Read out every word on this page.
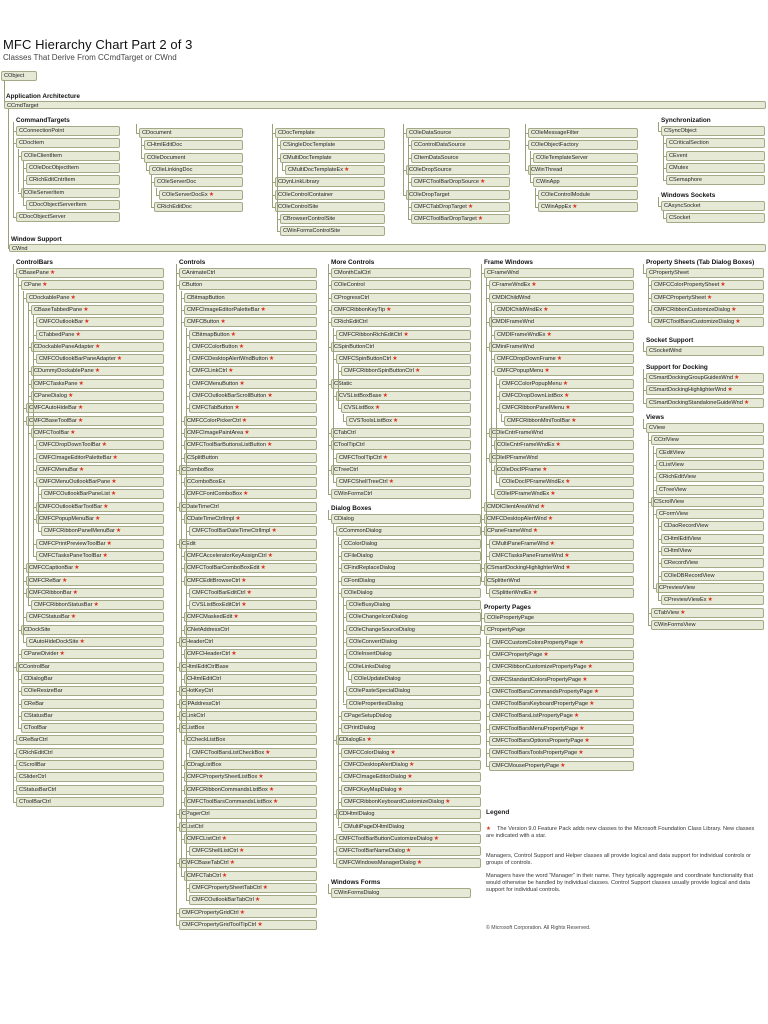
MFC Hierarchy Chart Part 2 of 3
Classes That Derive From CCmdTarget or CWnd
CObject
Application Architecture
CCmdTarget
Window Support
CWnd
CommandTargets
CConnectionPoint
CDocItem
COleClientItem
COleDocObjectItem
CRichEditCntrItem
COleServerItem
CDocObjectServerItem
CDocObjectServer
CDocument
CHtmlEditDoc
COleDocument
COleLinkingDoc
COleServerDoc
COleServerDocEx★
CRichEditDoc
CDocTemplate
CSingleDocTemplate
CMultiDocTemplate
CMultiDocTemplateEx★
CDynLinkLibrary
COleControlContainer
COleControlSite
CBrowserControlSite
CWinFormsControlSite
COleDataSource
CControlDataSource
CItemDataSource
COleDropSource
CMFCToolBarDropSource★
COleDropTarget
CMFCTabDropTarget★
CMFCToolBarDropTarget★
COleMessageFilter
COleObjectFactory
COleTemplateServer
CWinThread
CWinApp
COleControlModule
CWinAppEx★
Synchronization
CSyncObject
CCriticalSection
CEvent
CMutex
CSemaphore
Windows Sockets
CAsyncSocket
CSocket
ControlBars
CBasePane★
CPane★
CDockablePane★
CBaseTabbedPane★
CMFCOutlookBar★
CTabbedPane★
CDockablePaneAdapter★
CMFCOutlookBarPaneAdapter★
CDummyDockablePane★
CMFCTasksPane★
CPaneDialog★
CMFCAutoHideBar★
CMFCBaseToolBar★
CMFCToolBar★
CMFCDropDownToolBar★
CMFCImageEditorPaletteBar★
CMFCMenuBar★
CMFCMenuOutlookBarPane★
CMFCOutlookBarPaneList★
CMFCOutlookBarToolBar★
CMFCPopupMenuBar★
CMFCRibbonPanelMenuBar★
CMFCPrintPreviewToolBar★
CMFCTasksPaneToolBar★
CMFCCaptionBar★
CMFCReBar★
CMFCRibbonBar★
CMFCRibbonStatusBar★
CMFCStatusBar★
CDockSite
CAutoHideDockSite★
CPaneDivider★
CControlBar
CDialogBar
COleResizeBar
CReBar
CStatusBar
CToolBar
CReBarCtrl
CRichEditCtrl
CScrollBar
CSliderCtrl
CStatusBarCtrl
CToolBarCtrl
Controls
CAnimateCtrl
CButton
CBitmapButton
CMFCImageEditorPaletteBar★
CMFCButton★
CBitmapButton★
CMFCColorButton★
CMFCDesktopAlertWndButton★
CMFCLinkCtrl★
CMFCMenuButton★
CMFCOutlookBarScrollButton★
CMFCTabButton★
CMFCColorPickerCtrl★
CMFCImagePaintArea★
CMFCToolBarButtonsListButton★
CSplitButton
CComboBox
CComboBoxEx
CMFCFontComboBox★
CDateTimeCtrl
CDateTimeCtrlImpl★
CMFCToolBarDateTimeCtrlImpl★
CEdit
CMFCAcceleratorKeyAssignCtrl★
CMFCToolBarComboBoxEdit★
CMFCEditBrowseCtrl★
CMFCToolBarEditCtrl★
CVSListBoxEditCtrl★
CMFCMaskedEdit★
CNetAddressCtrl
CHeaderCtrl
CMFCHeaderCtrl★
CHtmlEditCtrlBase
CHtmlEditCtrl
CHotKeyCtrl
CIPAddressCtrl
CLinkCtrl
CListBox
CCheckListBox
CMFCToolBarsListCheckBox★
CDragListBox
CMFCPropertySheetListBox★
CMFCRibbonCommandsListBox★
CMFCToolBarsCommandsListBox★
CPagerCtrl
CListCtrl
CMFCListCtrl★
CMFCShellListCtrl★
CMFCBaseTabCtrl★
CMFCTabCtrl★
CMFCPropertySheetTabCtrl★
CMFCOutlookBarTabCtrl★
CMFCPropertyGridCtrl★
CMFCPropertyGridToolTipCtrl★
More Controls
CMonthCalCtrl
COleControl
CProgressCtrl
CMFCRibbonKeyTip★
CRichEditCtrl
CMFCRibbonRichEditCtrl★
CSpinButtonCtrl
CMFCSpinButtonCtrl★
CMFCRibbonSpinButtonCtrl★
CStatic
CVSListBoxBase★
CVSListBox★
CVSToolsListBox★
CTabCtrl
CToolTipCtrl
CMFCToolTipCtrl★
CTreeCtrl
CMFCShellTreeCtrl★
CWinFormsCtrl
Dialog Boxes
CDialog
CCommonDialog
CColorDialog
CFileDialog
CFindReplaceDialog
CFontDialog
COleDialog
COleBusyDialog
COleChangeIconDialog
COleChangeSourceDialog
COleConvertDialog
COleInsertDialog
COleLinksDialog
COleUpdateDialog
COlePasteSpecialDialog
COlePropertiesDialog
CPageSetupDialog
CPrintDialog
CDialogEx★
CMFCColorDialog★
CMFCDesktopAlertDialog★
CMFCImageEditorDialog★
CMFCKeyMapDialog★
CMFCRibbonKeyboardCustomizeDialog★
CDHtmlDialog
CMultiPageDHtmlDialog
CMFCToolBarButtonCustomizeDialog★
CMFCToolBarNameDialog★
CMFCWindowsManagerDialog★
Windows Forms
CWinFormsDialog
Frame Windows
CFrameWnd
CFrameWndEx★
CMDIChildWnd
CMDIChildWndEx★
CMDIFrameWnd
CMDIFrameWndEx★
CMiniFrameWnd
CMFCDropDownFrame★
CMFCPopupMenu★
CMFCColorPopupMenu★
CMFCDropDownListBox★
CMFCRibbonPanelMenu★
CMFCRibbonMiniToolBar★
COleCntrFrameWnd
COleCntrFrameWndEx★
COleIPFrameWnd
COleDocIPFrame★
COleDocIPFrameWndEx★
COleIPFrameWndEx★
CMDIClientAreaWnd★
CMFCDesktopAlertWnd★
CPaneFrameWnd★
CMultiPaneFrameWnd★
CMFCTasksPaneFrameWnd★
CSmartDockingHighlighterWnd★
CSplitterWnd
CSplitterWndEx★
Property Pages
COlePropertyPage
CPropertyPage
CMFCCustomColorsPropertyPage★
CMFCPropertyPage★
CMFCRibbonCustomizePropertyPage★
CMFCStandardColorsPropertyPage★
CMFCToolBarsCommandsPropertyPage★
CMFCToolBarsKeyboardPropertyPage★
CMFCToolBarsListPropertyPage★
CMFCToolBarsMenuPropertyPage★
CMFCToolBarsOptionsPropertyPage★
CMFCToolBarsToolsPropertyPage★
CMFCMousePropertyPage★
Property Sheets (Tab Dialog Boxes)
CPropertySheet
CMFCColorPropertySheet★
CMFCPropertySheet★
CMFCRibbonCustomizeDialog★
CMFCToolBarsCustomizeDialog★
Socket Support
CSocketWnd
Support for Docking
CSmartDockingGroupGuidesWnd★
CSmartDockingHighlighterWnd★
CSmartDockingStandaloneGuideWnd★
Views
CView
CCtrlView
CEditView
CListView
CRichEditView
CTreeView
CScrollView
CFormView
CDaoRecordView
CHtmlEditView
CHtmlView
CRecordView
COleDBRecordView
CPreviewView
CPreviewViewEx★
CTabView★
CWinFormsView
Legend
★ The Version 9.0 Feature Pack adds new classes to the Microsoft Foundation Class Library. New classes are indicated with a star.
Managers, Control Support and Helper classes all provide logical and data support for individual controls or groups of controls.
Managers have the word “Manager” in their name. They typically aggregate and coordinate functionality that would otherwise be handled by individual classes. Control Support classes usually provide logical and data support for individual controls.
© Microsoft Corporation. All Rights Reserved.
